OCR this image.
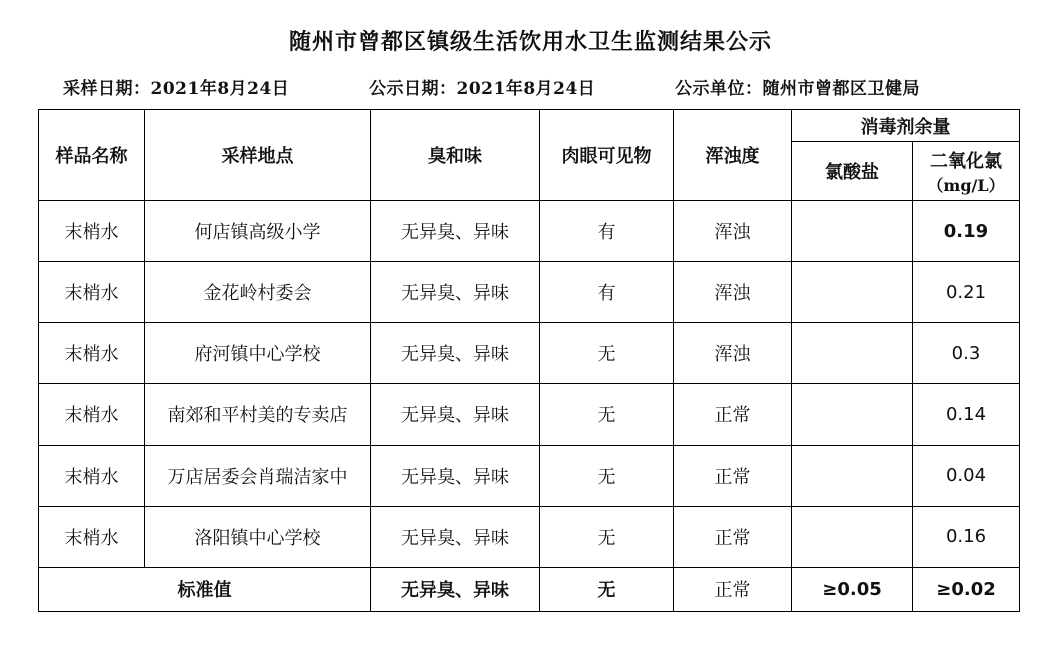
随州市曾都区镇级生活饮用水卫生监测结果公示
采样日期：2021年8月24日	公示日期：2021年8月24日	公示单位：随州市曾都区卫健局
样品名称	采样地点	臭和味	肉眼可见物	浑浊度	消毒剂余量	
					氯酸盐	二氧化氯
（mg/L）

末梢水	何店镇高级小学	无异臭、异味	有	浑浊		0.19
末梢水	金花岭村委会	无异臭、异味	有	浑浊		0.21
末梢水	府河镇中心学校	无异臭、异味	无	浑浊		0.3
末梢水	南郊和平村美的专卖店	无异臭、异味	无	正常		0.14
末梢水	万店居委会肖瑞洁家中	无异臭、异味	无	正常		0.04
末梢水	洛阳镇中心学校	无异臭、异味	无	正常		0.16
标准值		无异臭、异味	无	正常	≥0.05	≥0.02
